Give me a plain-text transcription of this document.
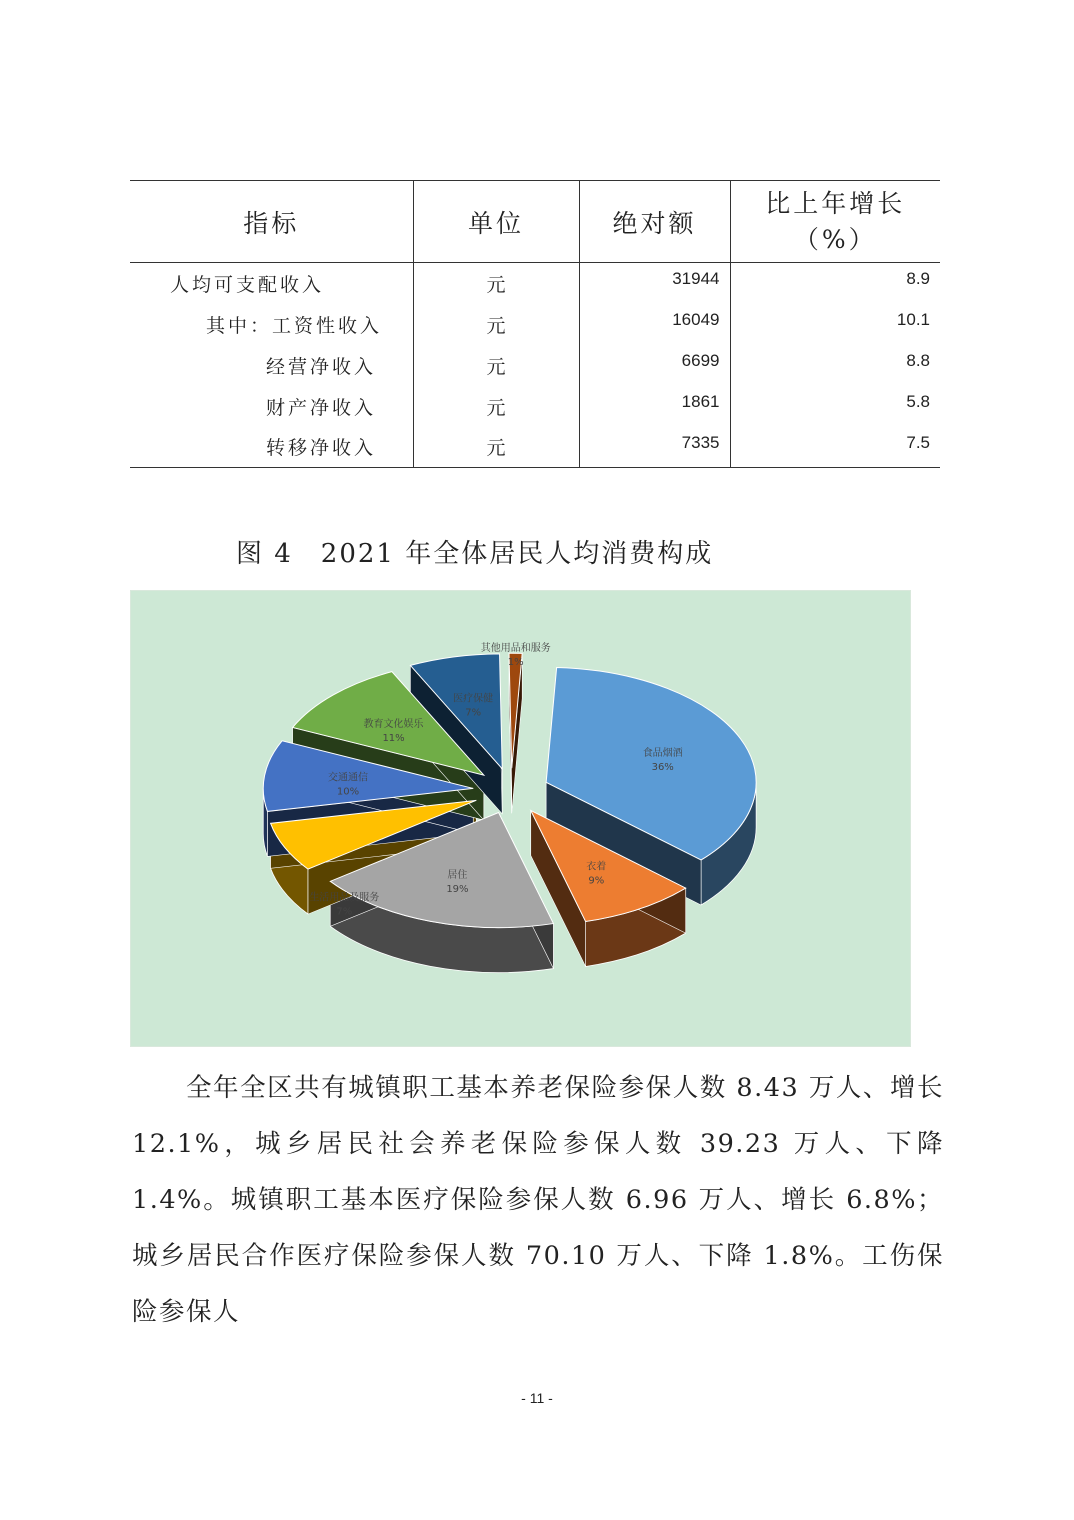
指标	单位	绝对额	比上年增长
（%）

人均可支配收入	元	31944	8.9
其中：工资性收入	元	16049	10.1
经营净收入	元	6699	8.8
财产净收入	元	1861	5.8
转移净收入	元	7335	7.5
图 4　2021 年全体居民人均消费构成
食品烟酒
36%
衣着
9%
居住
19%
生活用品及服务
7%
交通通信
10%
教育文化娱乐
11%
医疗保健
7%
其他用品和服务
1%

全年全区共有城镇职工基本养老保险参保人数 8.43 万人、增长 12.1%，城乡居民社会养老保险参保人数 39.23 万人、下降 1.4%。城镇职工基本医疗保险参保人数 6.96 万人、增长 6.8%；城乡居民合作医疗保险参保人数 70.10 万人、下降 1.8%。工伤保险参保人

- 11 -
